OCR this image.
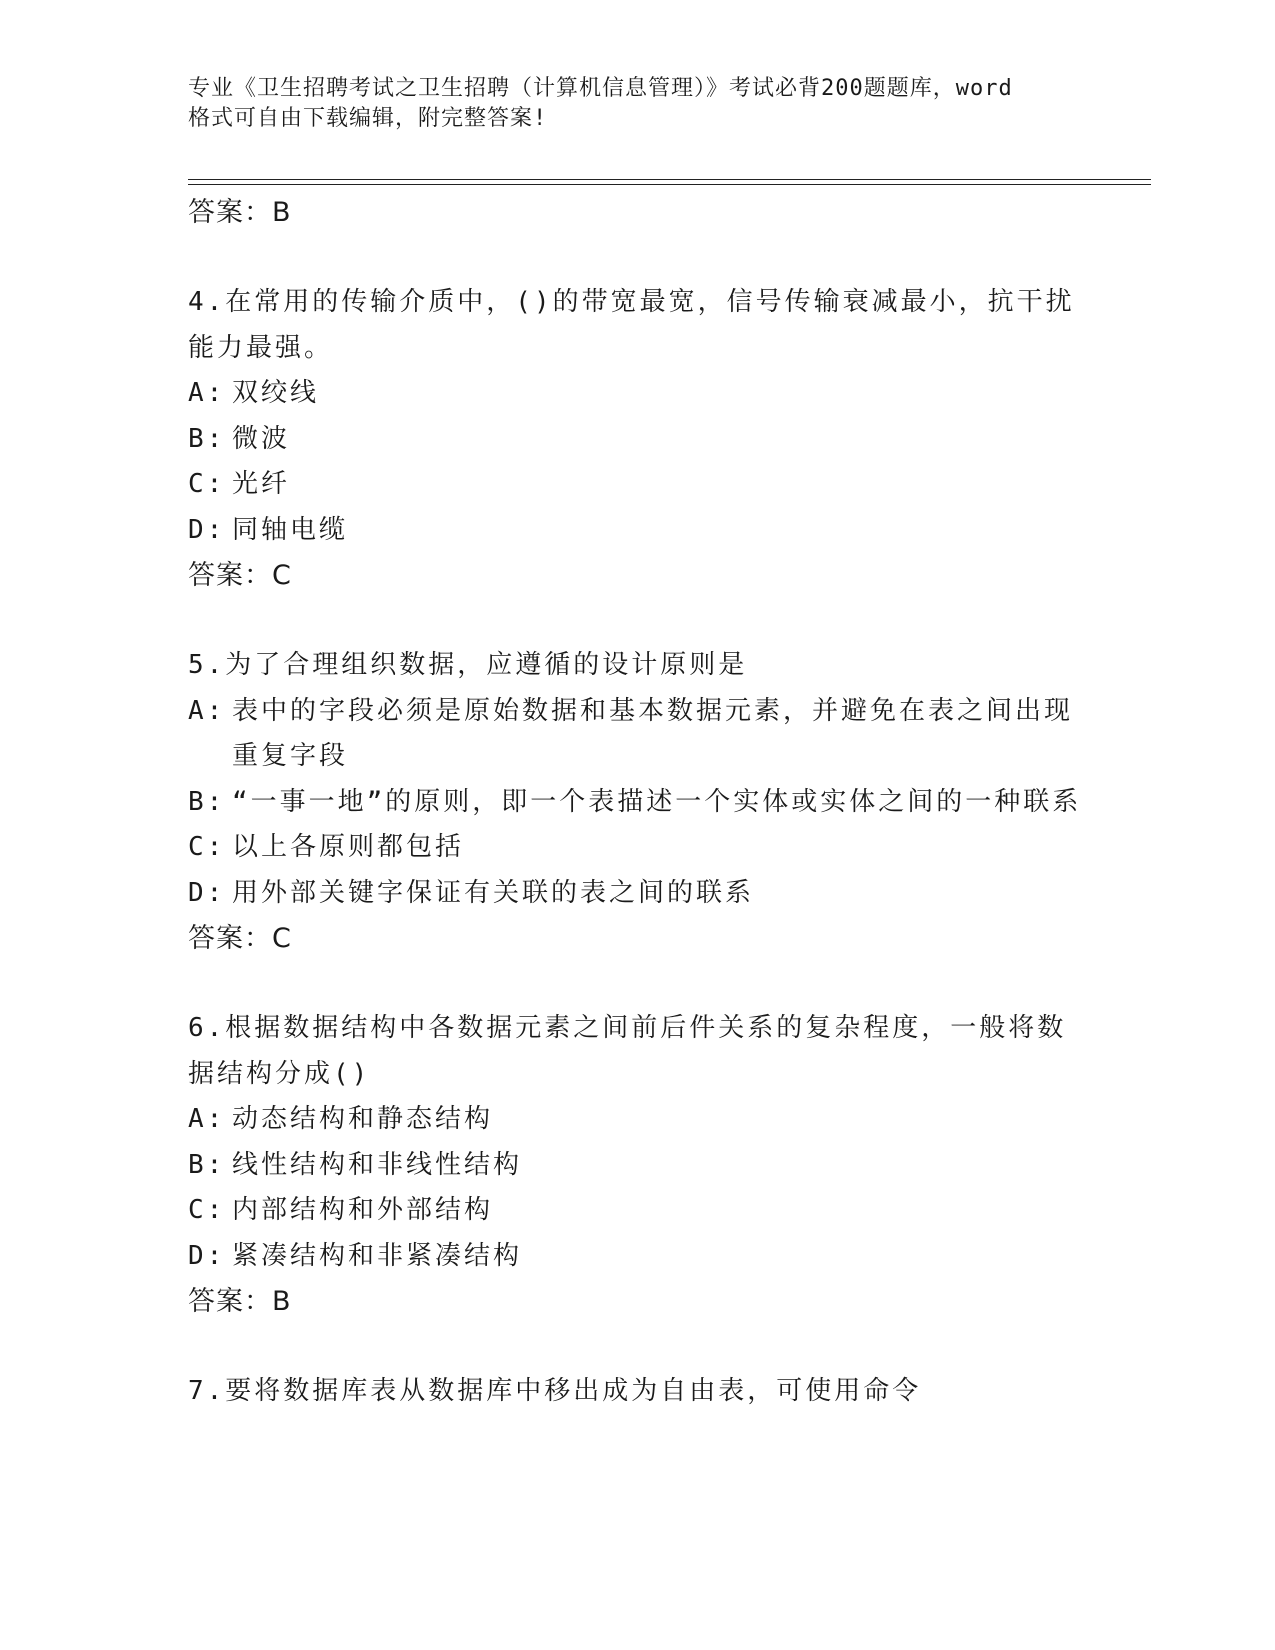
专业《卫生招聘考试之卫生招聘（计算机信息管理）》考试必背200题题库，word
格式可自由下载编辑，附完整答案!
答案：B
4.在常用的传输介质中，()的带宽最宽，信号传输衰减最小，抗干扰能力最强。
A: 双绞线
B: 微波
C: 光纤
D: 同轴电缆
答案：C
5.为了合理组织数据，应遵循的设计原则是
A: 表中的字段必须是原始数据和基本数据元素，并避免在表之间出现重复字段
B: “一事一地”的原则，即一个表描述一个实体或实体之间的一种联系
C: 以上各原则都包括
D: 用外部关键字保证有关联的表之间的联系
答案：C
6.根据数据结构中各数据元素之间前后件关系的复杂程度，一般将数据结构分成()
A: 动态结构和静态结构
B: 线性结构和非线性结构
C: 内部结构和外部结构
D: 紧凑结构和非紧凑结构
答案：B
7.要将数据库表从数据库中移出成为自由表，可使用命令
